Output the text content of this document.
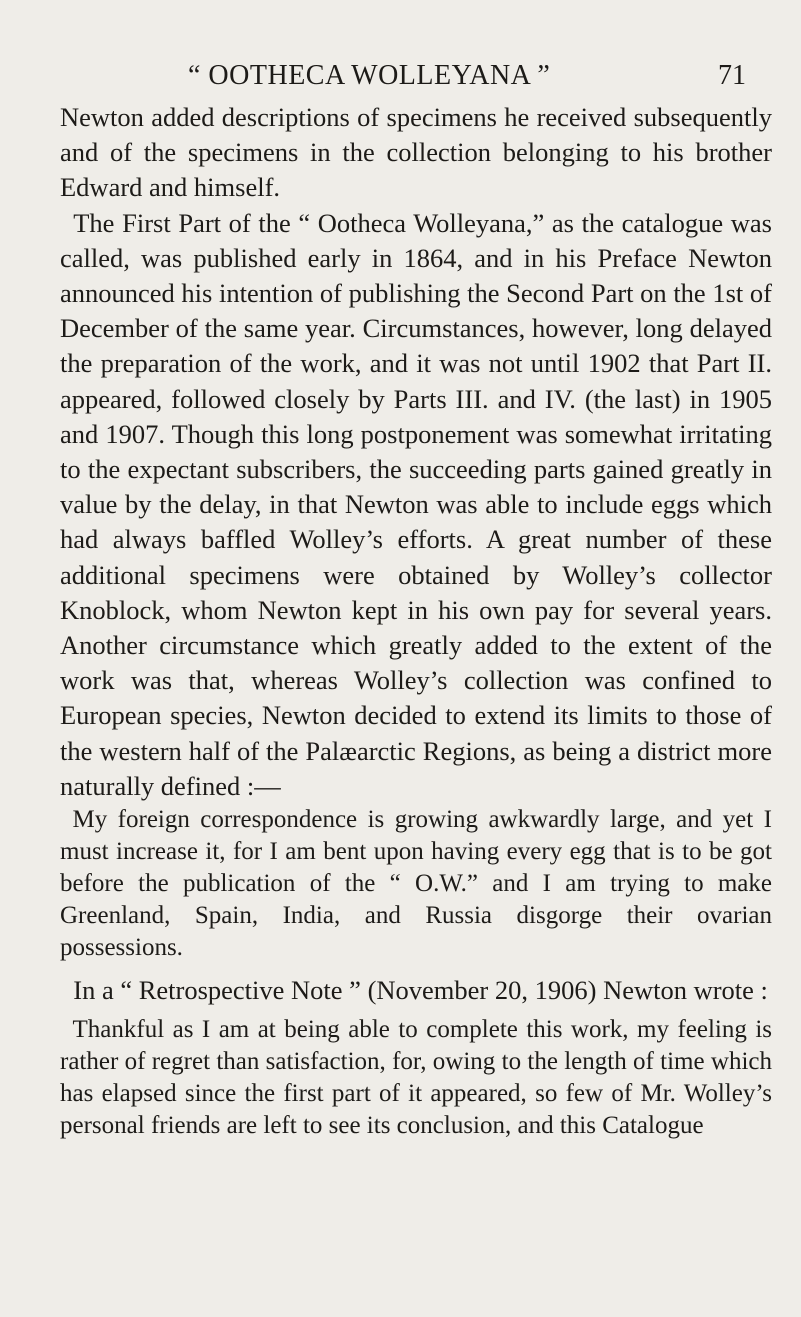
“ OOTHECA WOLLEYANA ”	71

Newton added descriptions of specimens he received subsequently and of the specimens in the collection belonging to his brother Edward and himself.

The First Part of the “ Ootheca Wolleyana,” as the catalogue was called, was published early in 1864, and in his Preface Newton announced his intention of publishing the Second Part on the 1st of December of the same year. Circumstances, however, long delayed the preparation of the work, and it was not until 1902 that Part II. appeared, followed closely by Parts III. and IV. (the last) in 1905 and 1907. Though this long postponement was somewhat irritating to the expectant subscribers, the succeeding parts gained greatly in value by the delay, in that Newton was able to include eggs which had always baffled Wolley’s efforts. A great number of these additional specimens were obtained by Wolley’s collector Knoblock, whom Newton kept in his own pay for several years. Another circumstance which greatly added to the extent of the work was that, whereas Wolley’s collection was confined to European species, Newton decided to extend its limits to those of the western half of the Palæarctic Regions, as being a district more naturally defined :—

My foreign correspondence is growing awkwardly large, and yet I must increase it, for I am bent upon having every egg that is to be got before the publication of the “ O.W.” and I am trying to make Greenland, Spain, India, and Russia disgorge their ovarian possessions.

In a “ Retrospective Note ” (November 20, 1906) Newton wrote :

Thankful as I am at being able to complete this work, my feeling is rather of regret than satisfaction, for, owing to the length of time which has elapsed since the first part of it appeared, so few of Mr. Wolley’s personal friends are left to see its conclusion, and this Catalogue
